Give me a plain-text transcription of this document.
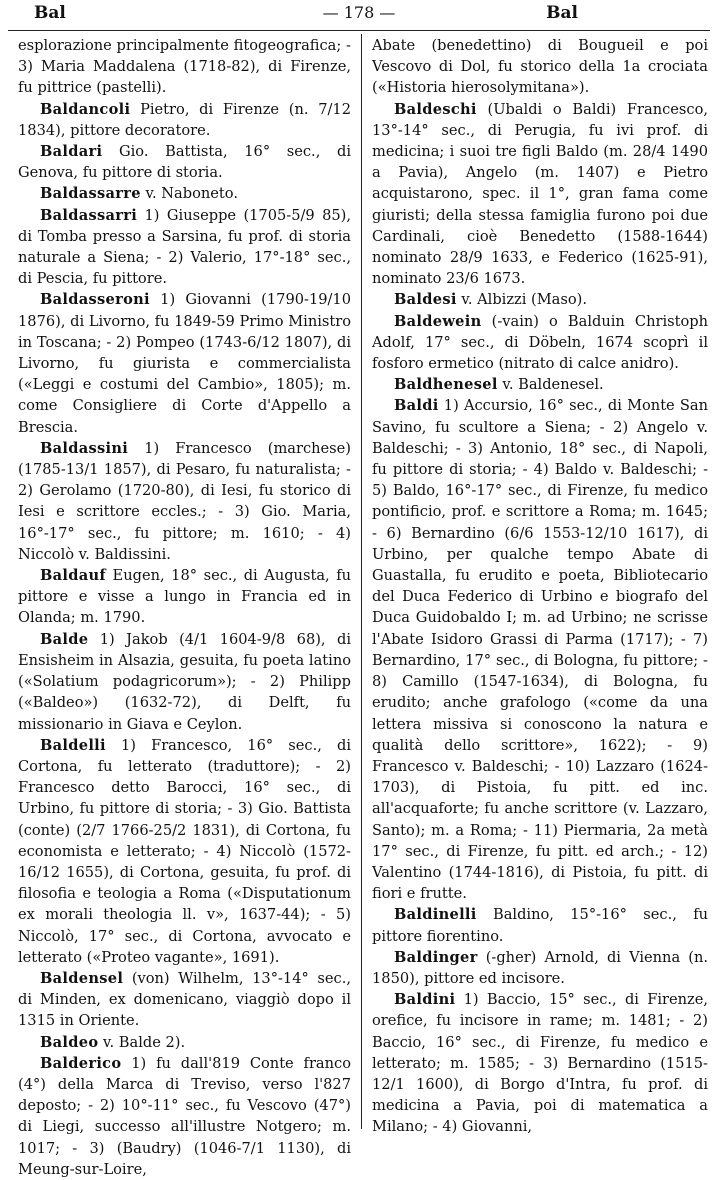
Bal	— 178 —	Bal

esplorazione principalmente fitogeografica; - 3) Maria Maddalena (1718-82), di Firenze, fu pittrice (pastelli).

Baldancoli Pietro, di Firenze (n. 7/12 1834), pittore decoratore.

Baldari Gio. Battista, 16° sec., di Genova, fu pittore di storia.

Baldassarre v. Naboneto.

Baldassarri 1) Giuseppe (1705-5/9 85), di Tomba presso a Sarsina, fu prof. di storia naturale a Siena; - 2) Valerio, 17°-18° sec., di Pescia, fu pittore.

Baldasseroni 1) Giovanni (1790-19/10 1876), di Livorno, fu 1849-59 Primo Ministro in Toscana; - 2) Pompeo (1743-6/12 1807), di Livorno, fu giurista e commercialista («Leggi e costumi del Cambio», 1805); m. come Consigliere di Corte d'Appello a Brescia.

Baldassini 1) Francesco (marchese) (1785-13/1 1857), di Pesaro, fu naturalista; - 2) Gerolamo (1720-80), di Iesi, fu storico di Iesi e scrittore eccles.; - 3) Gio. Maria, 16°-17° sec., fu pittore; m. 1610; - 4) Niccolò v. Baldissini.

Baldauf Eugen, 18° sec., di Augusta, fu pittore e visse a lungo in Francia ed in Olanda; m. 1790.

Balde 1) Jakob (4/1 1604-9/8 68), di Ensisheim in Alsazia, gesuita, fu poeta latino («Solatium podagricorum»); - 2) Philipp («Baldeo») (1632-72), di Delft, fu missionario in Giava e Ceylon.

Baldelli 1) Francesco, 16° sec., di Cortona, fu letterato (traduttore); - 2) Francesco detto Barocci, 16° sec., di Urbino, fu pittore di storia; - 3) Gio. Battista (conte) (2/7 1766-25/2 1831), di Cortona, fu economista e letterato; - 4) Niccolò (1572-16/12 1655), di Cortona, gesuita, fu prof. di filosofia e teologia a Roma («Disputationum ex morali theologia ll. v», 1637-44); - 5) Niccolò, 17° sec., di Cortona, avvocato e letterato («Proteo vagante», 1691).

Baldensel (von) Wilhelm, 13°-14° sec., di Minden, ex domenicano, viaggiò dopo il 1315 in Oriente.

Baldeo v. Balde 2).

Balderico 1) fu dall'819 Conte franco (4°) della Marca di Treviso, verso l'827 deposto; - 2) 10°-11° sec., fu Vescovo (47°) di Liegi, successo all'illustre Notgero; m. 1017; - 3) (Baudry) (1046-7/1 1130), di Meung-sur-Loire,

Abate (benedettino) di Bougueil e poi Vescovo di Dol, fu storico della 1a crociata («Historia hierosolymitana»).

Baldeschi (Ubaldi o Baldi) Francesco, 13°-14° sec., di Perugia, fu ivi prof. di medicina; i suoi tre figli Baldo (m. 28/4 1490 a Pavia), Angelo (m. 1407) e Pietro acquistarono, spec. il 1°, gran fama come giuristi; della stessa famiglia furono poi due Cardinali, cioè Benedetto (1588-1644) nominato 28/9 1633, e Federico (1625-91), nominato 23/6 1673.

Baldesi v. Albizzi (Maso).

Baldewein (-vain) o Balduin Christoph Adolf, 17° sec., di Döbeln, 1674 scoprì il fosforo ermetico (nitrato di calce anidro).

Baldhenesel v. Baldenesel.

Baldi 1) Accursio, 16° sec., di Monte San Savino, fu scultore a Siena; - 2) Angelo v. Baldeschi; - 3) Antonio, 18° sec., di Napoli, fu pittore di storia; - 4) Baldo v. Baldeschi; - 5) Baldo, 16°-17° sec., di Firenze, fu medico pontificio, prof. e scrittore a Roma; m. 1645; - 6) Bernardino (6/6 1553-12/10 1617), di Urbino, per qualche tempo Abate di Guastalla, fu erudito e poeta, Bibliotecario del Duca Federico di Urbino e biografo del Duca Guidobaldo I; m. ad Urbino; ne scrisse l'Abate Isidoro Grassi di Parma (1717); - 7) Bernardino, 17° sec., di Bologna, fu pittore; - 8) Camillo (1547-1634), di Bologna, fu erudito; anche grafologo («come da una lettera missiva si conoscono la natura e qualità dello scrittore», 1622); - 9) Francesco v. Baldeschi; - 10) Lazzaro (1624-1703), di Pistoia, fu pitt. ed inc. all'acquaforte; fu anche scrittore (v. Lazzaro, Santo); m. a Roma; - 11) Piermaria, 2a metà 17° sec., di Firenze, fu pitt. ed arch.; - 12) Valentino (1744-1816), di Pistoia, fu pitt. di fiori e frutte.

Baldinelli Baldino, 15°-16° sec., fu pittore fiorentino.

Baldinger (-gher) Arnold, di Vienna (n. 1850), pittore ed incisore.

Baldini 1) Baccio, 15° sec., di Firenze, orefice, fu incisore in rame; m. 1481; - 2) Baccio, 16° sec., di Firenze, fu medico e letterato; m. 1585; - 3) Bernardino (1515-12/1 1600), di Borgo d'Intra, fu prof. di medicina a Pavia, poi di matematica a Milano; - 4) Giovanni,
